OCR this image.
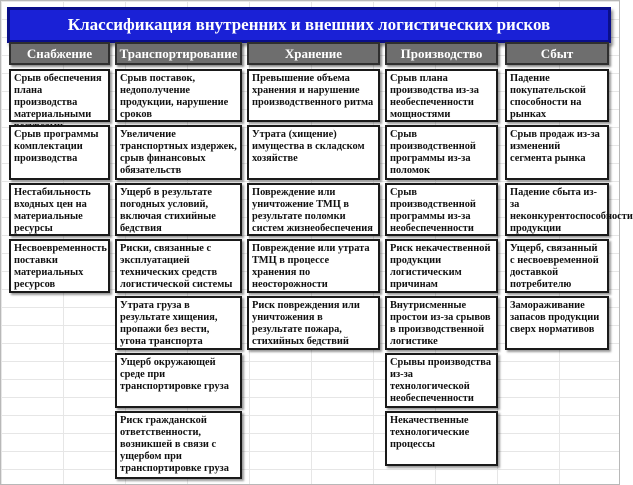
Классификация внутренних и внешних логистических рисков
Снабжение
Срыв обеспечения плана производства материальными
Срыв программы комплектации производства
Нестабильность входных цен на материальные ресурсы
Несвоевременность поставки материальных ресурсов
Транспортирование
Срыв поставок, недополучение продукции, нарушение сроков
Увеличение транспортных издержек, срыв финансовых обязательств
Ущерб в результате погодных условий, включая стихийные бедствия
Риски, связанные с эксплуатацией технических средств логистической системы
Утрата груза в результате хищения, пропажи без вести, угона транспорта
Ущерб окружающей среде при транспортировке груза
Риск гражданской ответственности, возникшей в связи с ущербом при транспортировке груза
Хранение
Превышение объема хранения и нарушение производственного ритма
Утрата (хищение) имущества в складском хозяйстве
Повреждение или уничтожение ТМЦ в результате поломки систем жизнеобеспечения
Повреждение или утрата ТМЦ в процессе хранения по неосторожности
Риск повреждения или уничтожения в результате пожара, стихийных бедствий
Производство
Срыв плана производства из-за необеспеченности мощностями
Срыв производственной программы из-за поломок
Срыв производственной программы из-за необеспеченности
Риск некачественной продукции логистическим причинам
Внутрисменные простои из-за срывов в производственной логистике
Срывы производства из-за технологической необеспеченности
Некачественные технологические процессы
Сбыт
Падение покупательской способности на рынках
Срыв продаж из-за изменений сегмента рынка
Падение сбыта из-за неконкурентоспособности продукции
Ущерб, связанный с несвоевременной доставкой потребителю
Замораживание запасов продукции сверх нормативов
